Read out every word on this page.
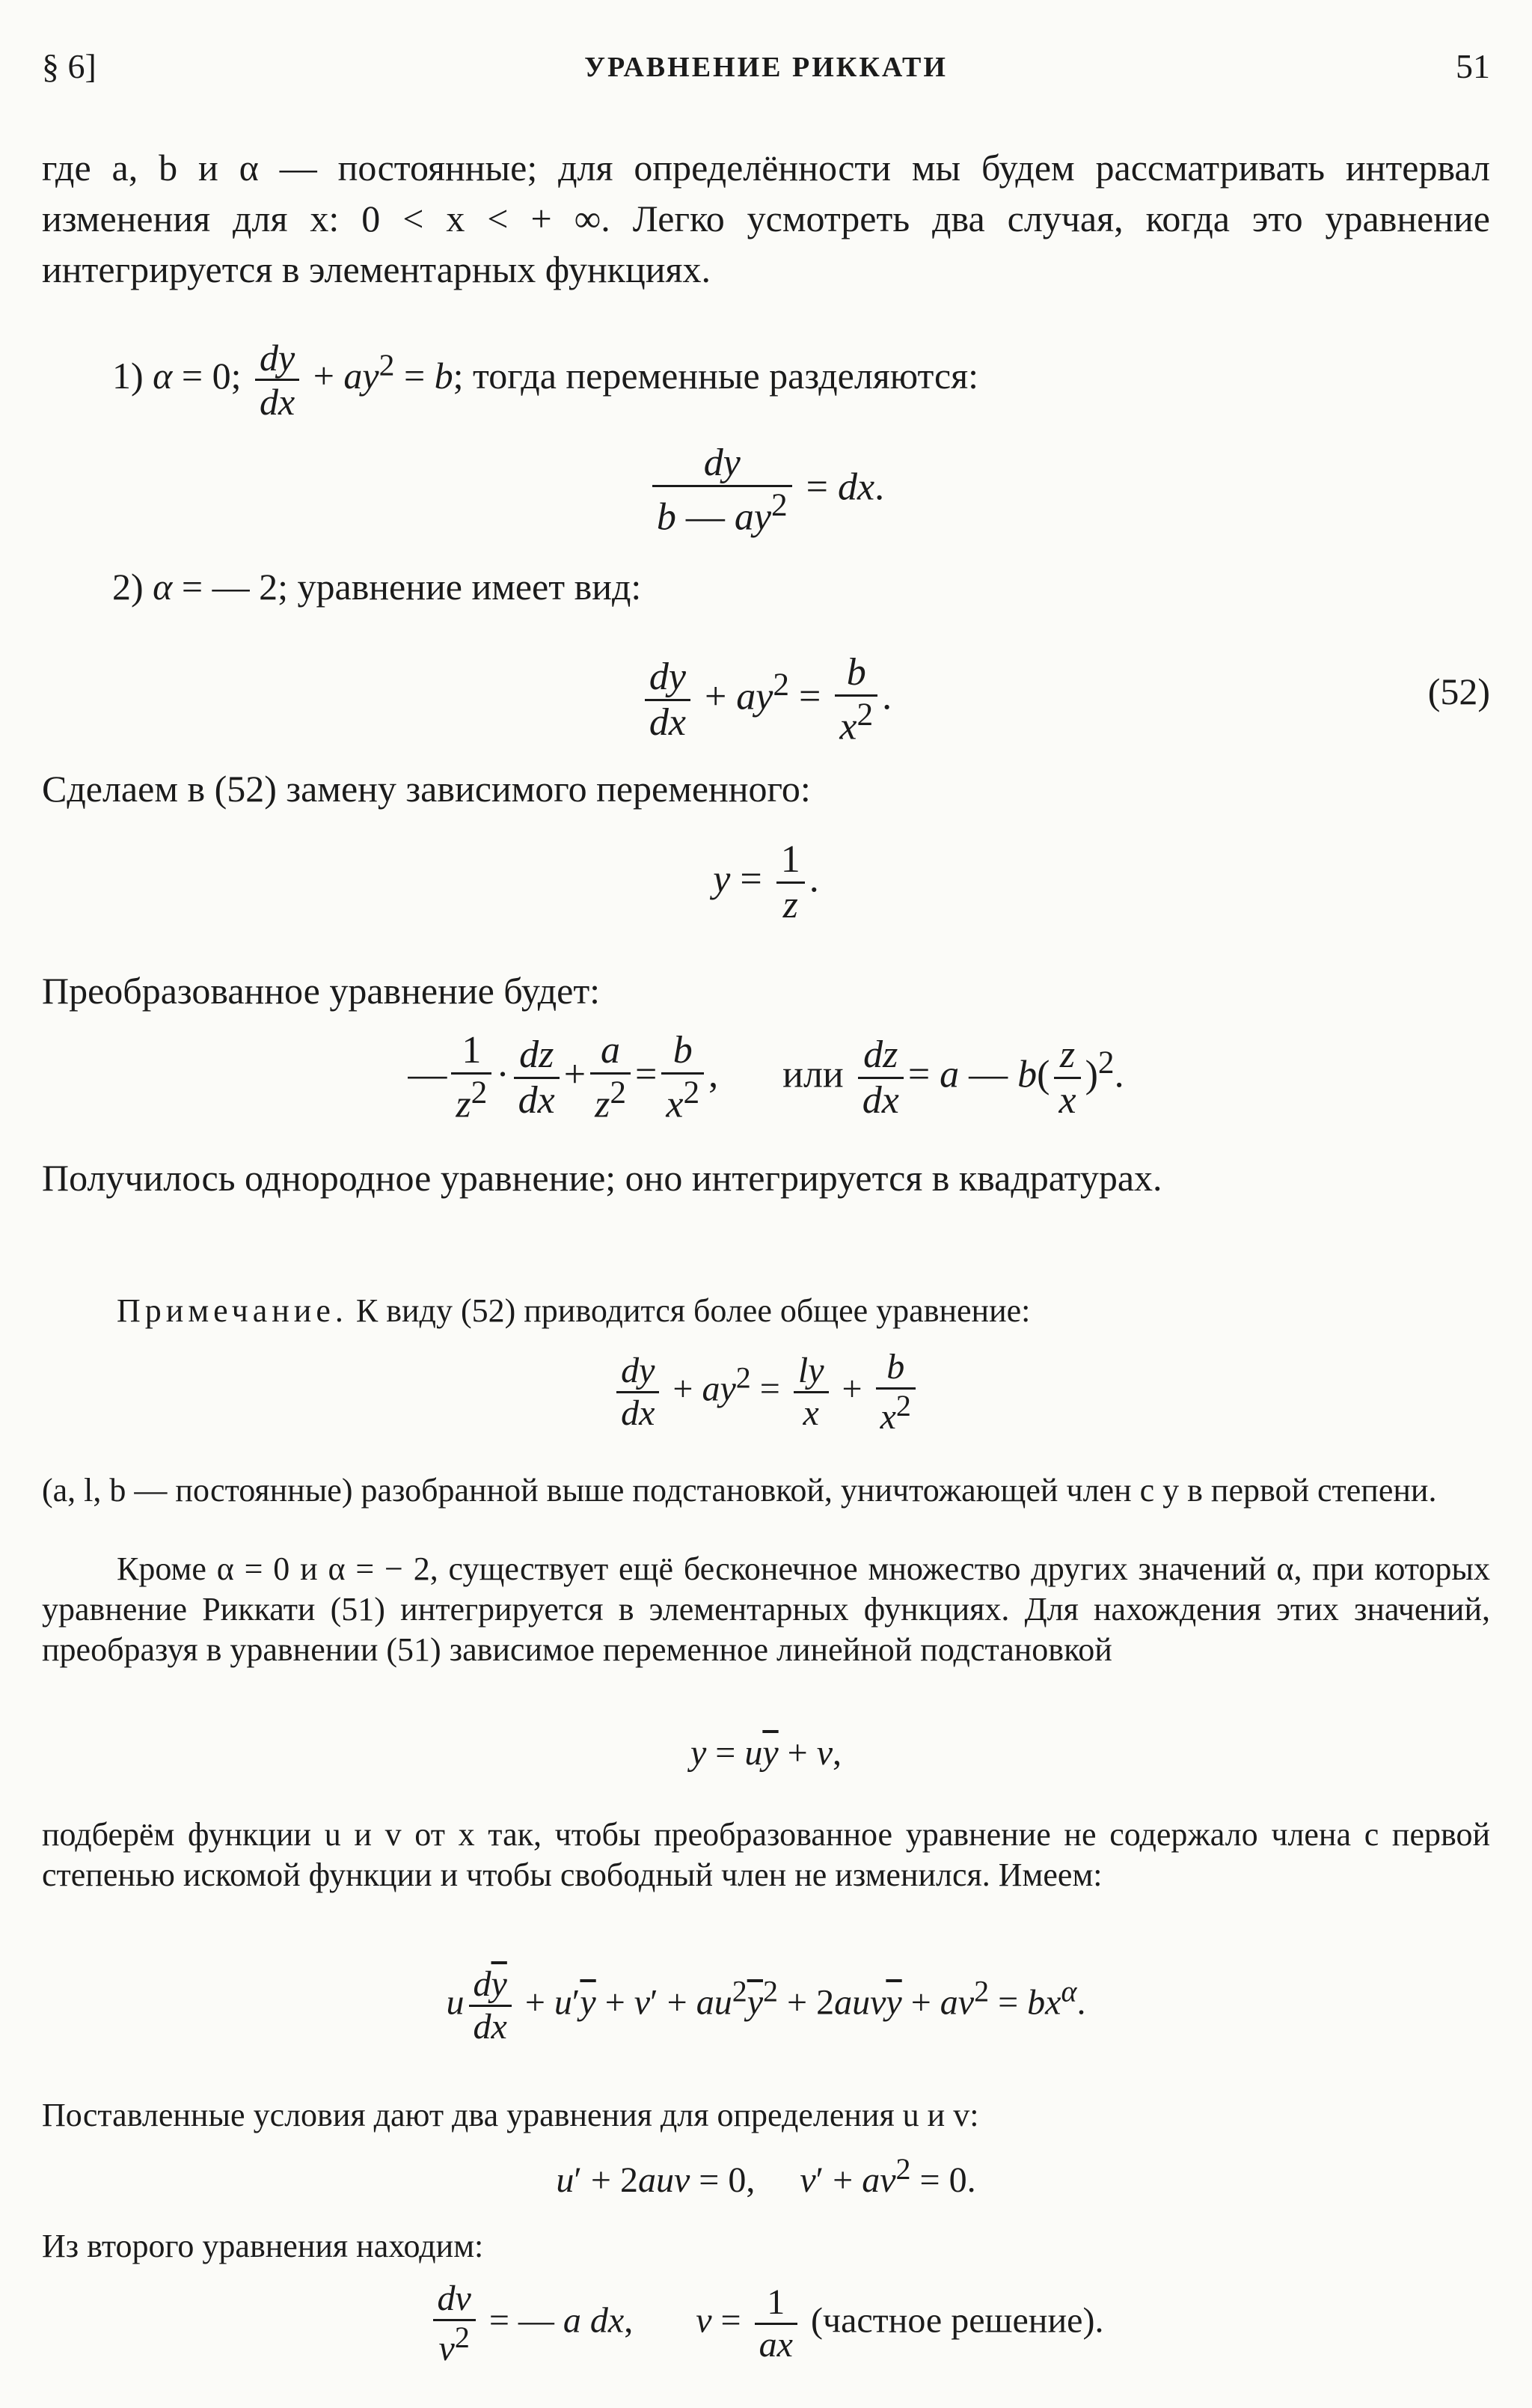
§ 6]	УРАВНЕНИЕ РИККАТИ	51

где a, b и α — постоянные; для определённости мы будем рассматривать интервал изменения для x: 0 < x < + ∞. Легко усмотреть два случая, когда это уравнение интегрируется в элементарных функциях.

1) α = 0; $\frac{dy}{dx} + ay^2 = b$; тогда переменные разделяются:
$\frac{dy}{b — ay^2}$ = dx.
2) α = — 2; уравнение имеет вид:
$\frac{dy}{dx} + ay^2 = \frac{b}{x^2}$ .	(52)

Сделаем в (52) замену зависимого переменного:

$y = \frac{1}{z}$ .

Преобразованное уравнение будет:

— $\frac{1}{z^2} \cdot \frac{dz}{dx} + \frac{a}{z^2} = \frac{b}{x^2}$ ,  или $\frac{dz}{dx} = a$ — $b( \frac{z}{x} )^2$.

Получилось однородное уравнение; оно интегрируется в квадратурах.

Примечание. К виду (52) приводится более общее уравнение:

$\frac{dy}{dx} + ay^2 = \frac{ly}{x} + \frac{b}{x^2}$

(a, l, b — постоянные) разобранной выше подстановкой, уничтожающей член с y в первой степени.

Кроме α = 0 и α = − 2, существует ещё бесконечное множество других значений α, при которых уравнение Риккати (51) интегрируется в элементарных функциях. Для нахождения этих значений, преобразуя в уравнении (51) зависимое переменное линейной подстановкой

$y = u\overline{y} + v$,

подберём функции u и v от x так, чтобы преобразованное уравнение не содержало члена с первой степенью искомой функции и чтобы свободный член не изменился. Имеем:

u $\frac{d\overline{y}}{dx} + u'\overline{y} + v' + au^2\overline{y}^2 + 2auv\overline{y} + av^2 = bx^\alpha$.

Поставленные условия дают два уравнения для определения u и v:

u′ + 2auv = 0, $v' + av^2 = 0$.

Из второго уравнения находим:

$\frac{dv}{v^2}$ = — a dx,  $v = \frac{1}{ax}$ (частное решение).
